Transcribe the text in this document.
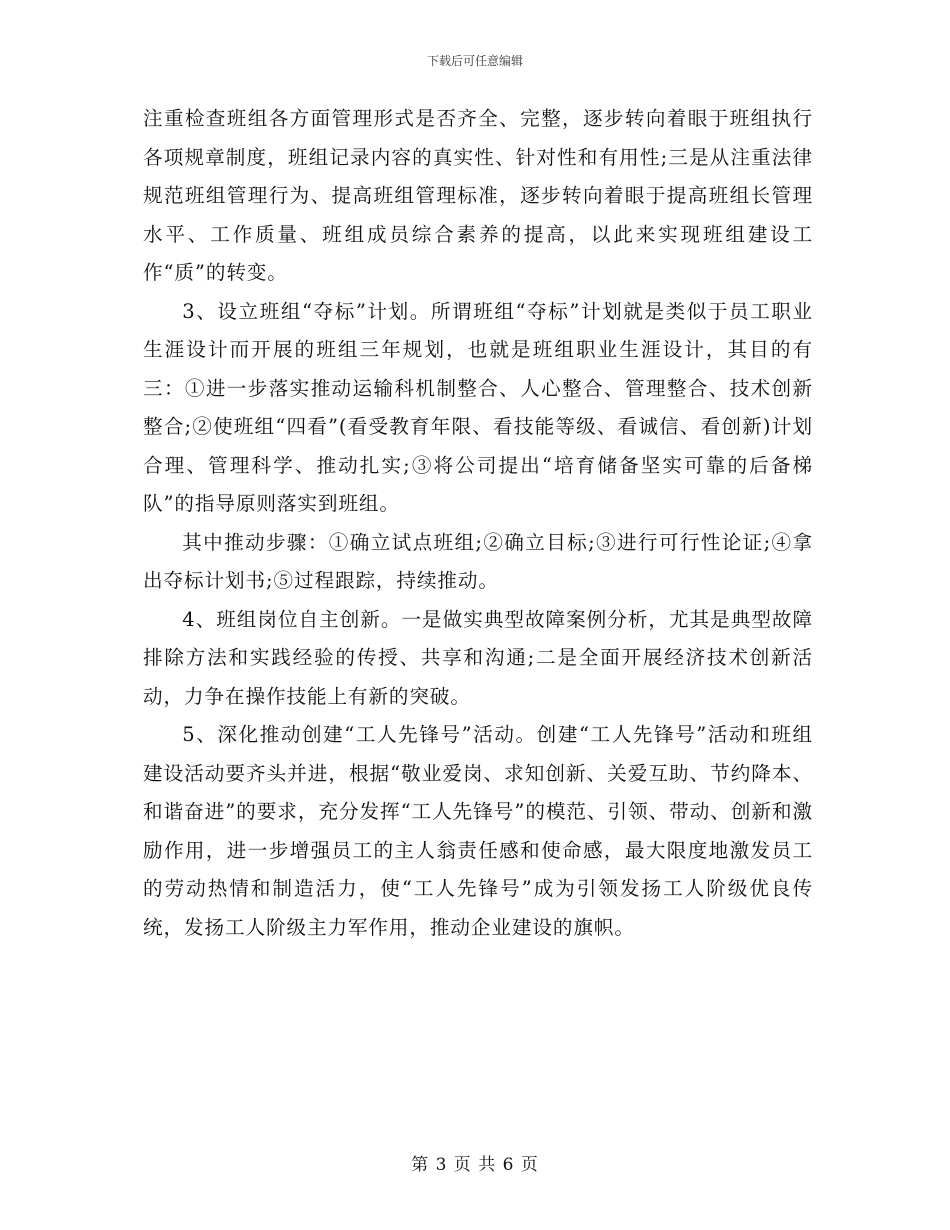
下载后可任意编辑

注重检查班组各方面管理形式是否齐全、完整，逐步转向着眼于班组执行各项规章制度，班组记录内容的真实性、针对性和有用性;三是从注重法律规范班组管理行为、提高班组管理标准，逐步转向着眼于提高班组长管理水平、工作质量、班组成员综合素养的提高，以此来实现班组建设工作“质”的转变。

3、设立班组“夺标”计划。所谓班组“夺标”计划就是类似于员工职业生涯设计而开展的班组三年规划，也就是班组职业生涯设计，其目的有三：①进一步落实推动运输科机制整合、人心整合、管理整合、技术创新整合;②使班组“四看”(看受教育年限、看技能等级、看诚信、看创新)计划合理、管理科学、推动扎实;③将公司提出“培育储备坚实可靠的后备梯队”的指导原则落实到班组。

其中推动步骤：①确立试点班组;②确立目标;③进行可行性论证;④拿出夺标计划书;⑤过程跟踪，持续推动。

4、班组岗位自主创新。一是做实典型故障案例分析，尤其是典型故障排除方法和实践经验的传授、共享和沟通;二是全面开展经济技术创新活动，力争在操作技能上有新的突破。

5、深化推动创建“工人先锋号”活动。创建“工人先锋号”活动和班组建设活动要齐头并进，根据“敬业爱岗、求知创新、关爱互助、节约降本、和谐奋进”的要求，充分发挥“工人先锋号”的模范、引领、带动、创新和激励作用，进一步增强员工的主人翁责任感和使命感，最大限度地激发员工的劳动热情和制造活力，使“工人先锋号”成为引领发扬工人阶级优良传统，发扬工人阶级主力军作用，推动企业建设的旗帜。

第 3 页 共 6 页
